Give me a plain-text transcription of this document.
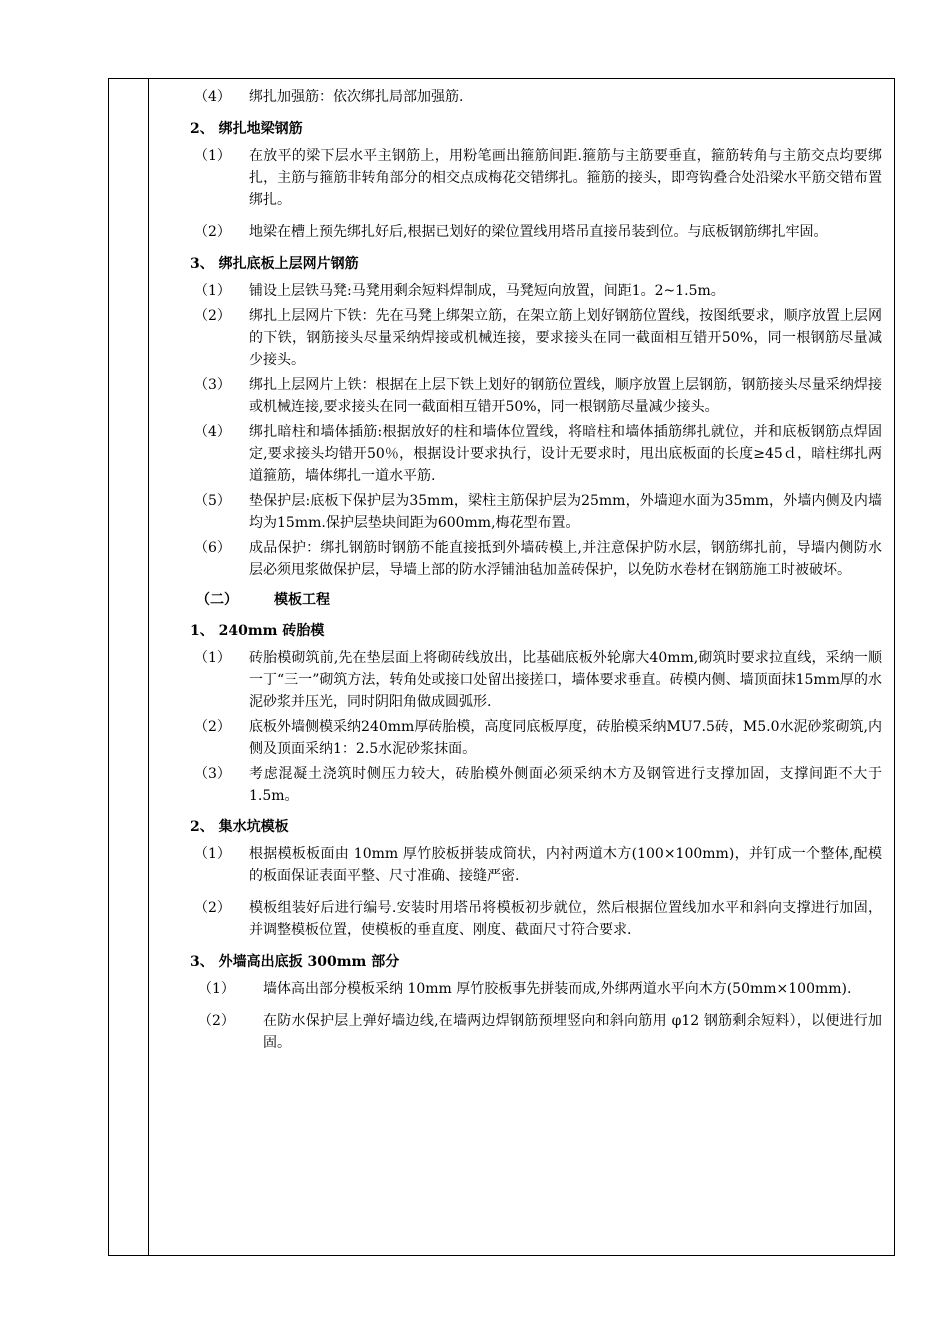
（4）	绑扎加强筋：依次绑扎局部加强筋.
2、 绑扎地梁钢筋
（1）	在放平的梁下层水平主钢筋上，用粉笔画出箍筋间距.箍筋与主筋要垂直，箍筋转角与主筋交点均要绑扎，主筋与箍筋非转角部分的相交点成梅花交错绑扎。箍筋的接头，即弯钩叠合处沿梁水平筋交错布置绑扎。
（2）	地梁在槽上预先绑扎好后,根据已划好的梁位置线用塔吊直接吊装到位。与底板钢筋绑扎牢固。
3、 绑扎底板上层网片钢筋
（1）	铺设上层铁马凳:马凳用剩余短料焊制成，马凳短向放置，间距1。2~1.5m。
（2）	绑扎上层网片下铁：先在马凳上绑架立筋，在架立筋上划好钢筋位置线，按图纸要求，顺序放置上层网的下铁，钢筋接头尽量采纳焊接或机械连接，要求接头在同一截面相互错开50%，同一根钢筋尽量减少接头。
（3）	绑扎上层网片上铁：根据在上层下铁上划好的钢筋位置线，顺序放置上层钢筋，钢筋接头尽量采纳焊接或机械连接,要求接头在同一截面相互错开50%，同一根钢筋尽量减少接头。
（4）	绑扎暗柱和墙体插筋:根据放好的柱和墙体位置线，将暗柱和墙体插筋绑扎就位，并和底板钢筋点焊固定,要求接头均错开50％，根据设计要求执行，设计无要求时，甩出底板面的长度≥45ｄ，暗柱绑扎两道箍筋，墙体绑扎一道水平筋.
（5）	垫保护层:底板下保护层为35mm，梁柱主筋保护层为25mm，外墙迎水面为35mm，外墙内侧及内墙均为15mm.保护层垫块间距为600mm,梅花型布置。
（6）	成品保护：绑扎钢筋时钢筋不能直接抵到外墙砖模上,并注意保护防水层，钢筋绑扎前，导墙内侧防水层必须甩浆做保护层，导墙上部的防水浮铺油毡加盖砖保护，以免防水卷材在钢筋施工时被破坏。
（二）	模板工程
1、 240mm 砖胎模
（1）	砖胎模砌筑前,先在垫层面上将砌砖线放出，比基础底板外轮廓大40mm,砌筑时要求拉直线，采纳一顺一丁“三一”砌筑方法，转角处或接口处留出接搓口，墙体要求垂直。砖模内侧、墙顶面抹15mm厚的水泥砂浆并压光，同时阴阳角做成圆弧形.
（2）	底板外墙侧模采纳240mm厚砖胎模，高度同底板厚度，砖胎模采纳MU7.5砖，M5.0水泥砂浆砌筑,内侧及顶面采纳1：2.5水泥砂浆抹面。
（3）	考虑混凝土浇筑时侧压力较大，砖胎模外侧面必须采纳木方及钢管进行支撑加固，支撑间距不大于1.5m。
2、 集水坑模板
（1）	根据模板板面由 10mm 厚竹胶板拼装成筒状，内衬两道木方(100×100mm)，并钉成一个整体,配模的板面保证表面平整、尺寸准确、接缝严密.
（2）	模板组装好后进行编号.安装时用塔吊将模板初步就位，然后根据位置线加水平和斜向支撑进行加固，并调整模板位置，使模板的垂直度、刚度、截面尺寸符合要求.
3、 外墙高出底扳 300mm 部分
（1）	墙体高出部分模板采纳 10mm 厚竹胶板事先拼装而成,外绑两道水平向木方(50mm×100mm).
（2）	在防水保护层上弹好墙边线,在墙两边焊钢筋预埋竖向和斜向筋用 φ12 钢筋剩余短料），以便进行加固。
